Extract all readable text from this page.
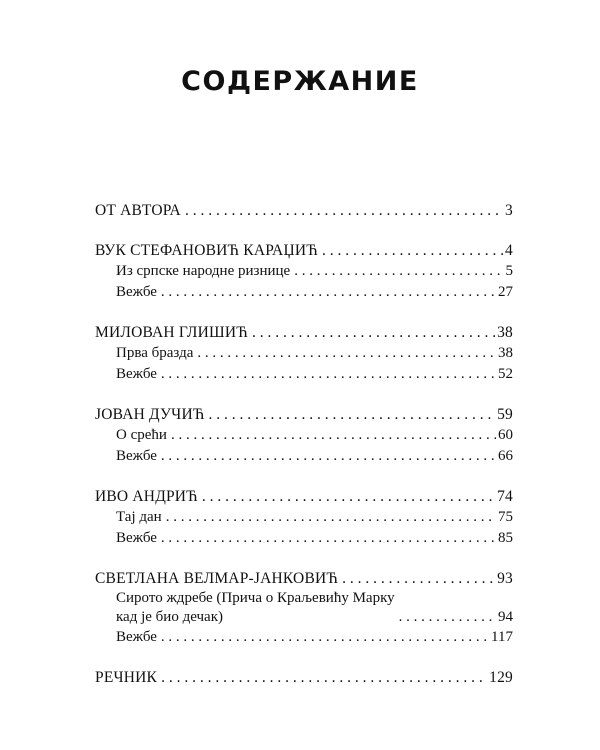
СОДЕРЖАНИЕ
ОТ АВТОРА . . .	3
ВУК СТЕФАНОВИЋ КАРАЏИЋ . . .	4
Из српске народне ризнице . . .	5
Вежбе . . .	27
МИЛОВАН ГЛИШИЋ . . .	38
Прва бразда . . .	38
Вежбе . . .	52
ЈОВАН ДУЧИЋ . . .	59
О срећи . . .	60
Вежбе . . .	66
ИВО АНДРИЋ . . .	74
Тај дан . . .	75
Вежбе . . .	85
СВЕТЛАНА ВЕЛМАР-ЈАНКОВИЋ . . .	93
Сирото ждребе (Прича о Краљевићу Марку
кад је био дечак) . . .	94
Вежбе . . .	117
РЕЧНИК . . .	129
